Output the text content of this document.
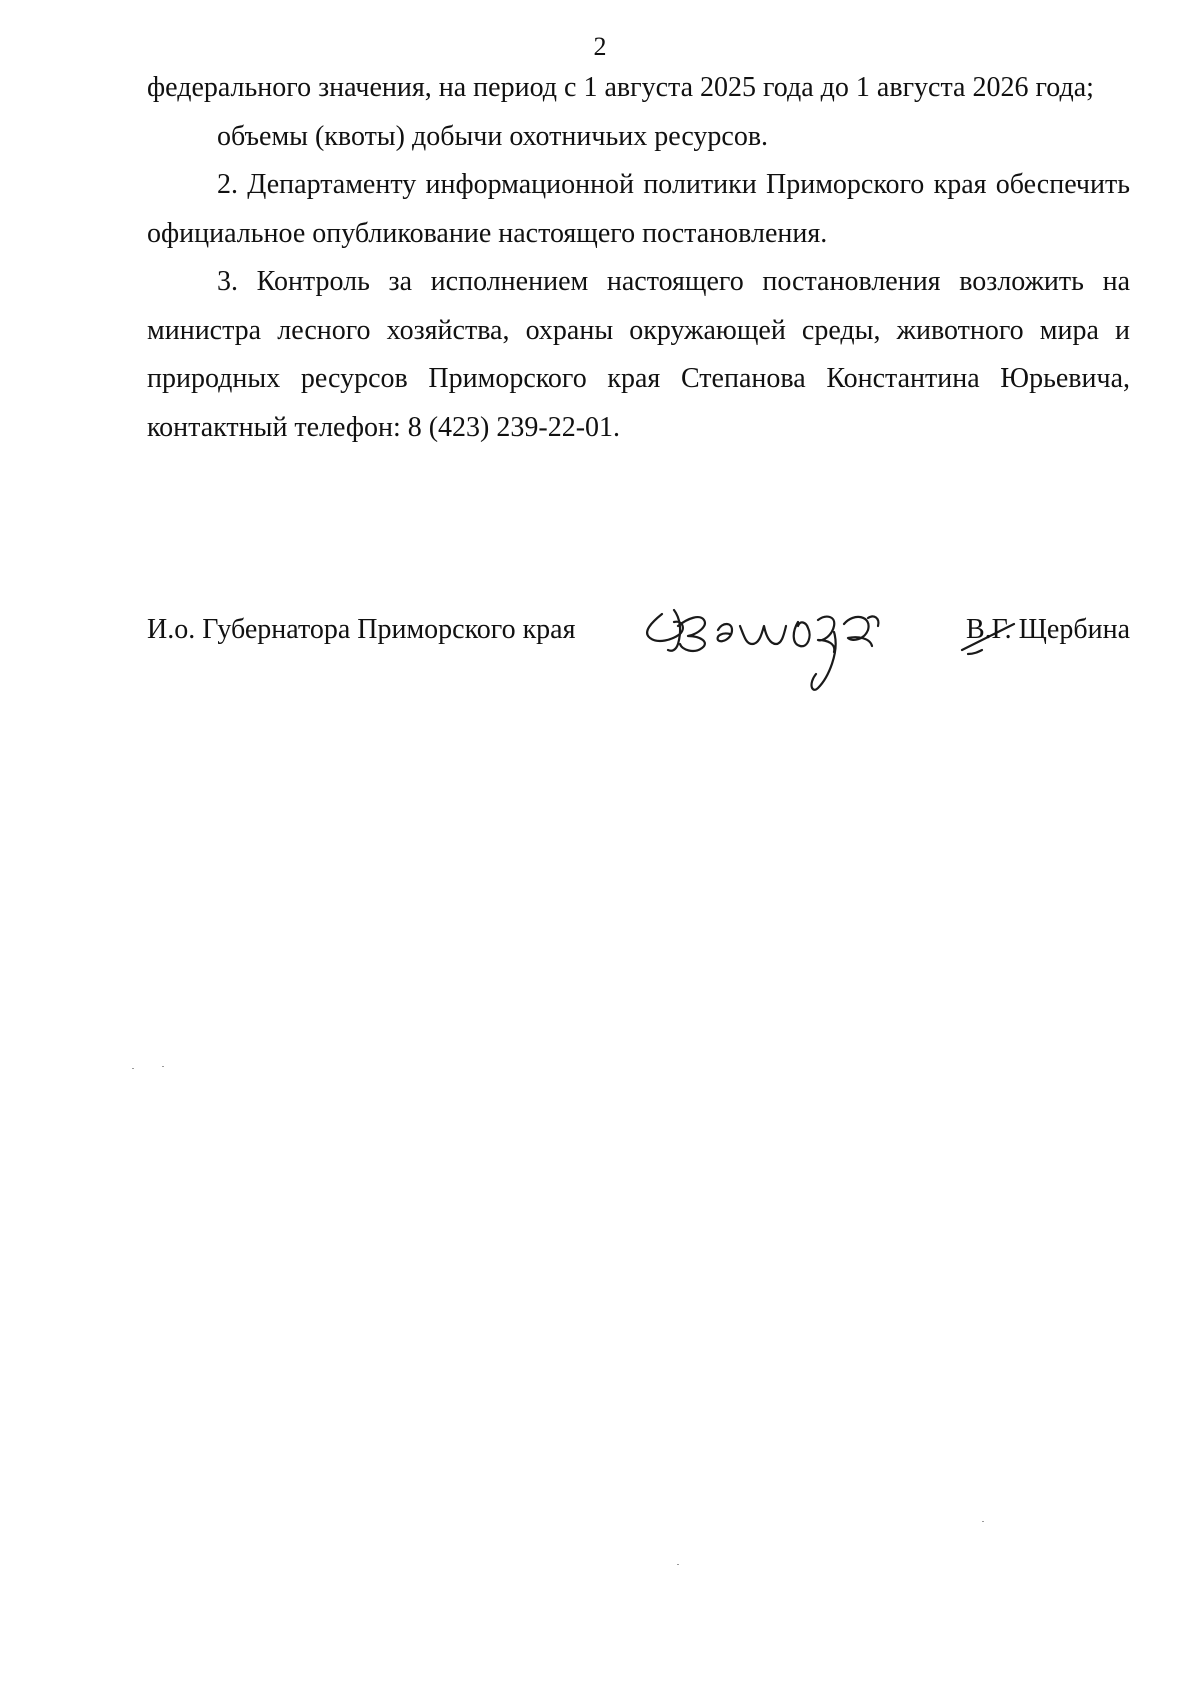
2

федерального значения, на период с 1 августа 2025 года до 1 августа 2026 года;

объемы (квоты) добычи охотничьих ресурсов.

2. Департаменту информационной политики Приморского края обеспечить официальное опубликование настоящего постановления.

3. Контроль за исполнением настоящего постановления возложить на министра лесного хозяйства, охраны окружающей среды, животного мира и природных ресурсов Приморского края Степанова Константина Юрьевича, контактный телефон: 8 (423) 239-22-01.

И.о. Губернатора Приморского края	В.Г. Щербина
